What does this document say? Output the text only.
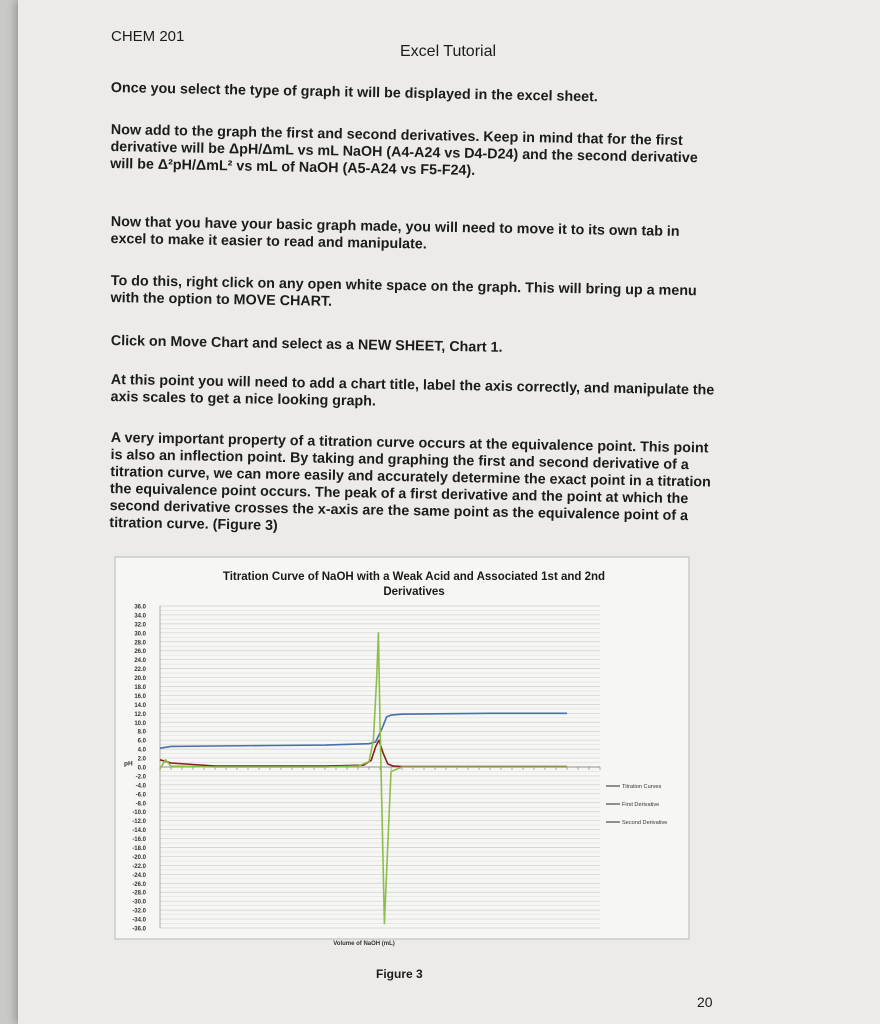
CHEM 201
Excel Tutorial
Once you select the type of graph it will be displayed in the excel sheet.
Now add to the graph the first and second derivatives. Keep in mind that for the first
derivative will be ΔpH/ΔmL vs mL NaOH (A4-A24 vs D4-D24) and the second derivative
will be Δ²pH/ΔmL² vs mL of NaOH (A5-A24 vs F5-F24).
Now that you have your basic graph made, you will need to move it to its own tab in
excel to make it easier to read and manipulate.
To do this, right click on any open white space on the graph. This will bring up a menu
with the option to MOVE CHART.
Click on Move Chart and select as a NEW SHEET, Chart 1.
At this point you will need to add a chart title, label the axis correctly, and manipulate the
axis scales to get a nice looking graph.
A very important property of a titration curve occurs at the equivalence point. This point
is also an inflection point. By taking and graphing the first and second derivative of a
titration curve, we can more easily and accurately determine the exact point in a titration
the equivalence point occurs. The peak of a first derivative and the point at which the
second derivative crosses the x-axis are the same point as the equivalence point of a
titration curve. (Figure 3)
Titration Curve of NaOH with a Weak Acid and Associated 1st and 2nd
Derivatives
36.0
34.0
32.0
30.0
28.0
26.0
24.0
22.0
20.0
18.0
16.0
14.0
12.0
10.0
8.0
6.0
4.0
2.0
0.0
-2.0
-4.0
-6.0
-8.0
-10.0
-12.0
-14.0
-16.0
-18.0
-20.0
-22.0
-24.0
-26.0
-28.0
-30.0
-32.0
-34.0
-36.0
pH
Volume of NaOH (mL)
Titration Curves
First Derivative
Second Derivative
Figure 3
20
